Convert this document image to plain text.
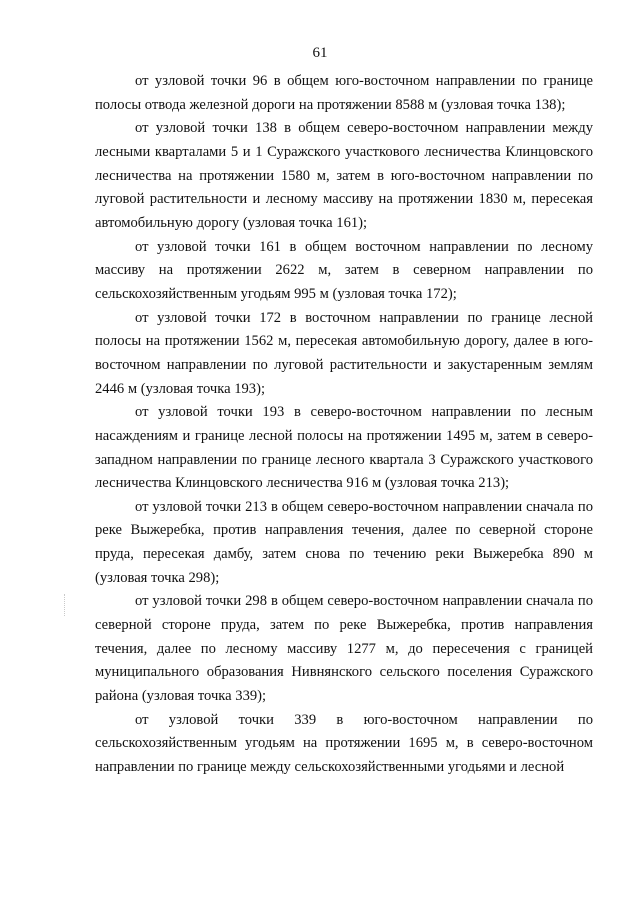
61

от узловой точки 96 в общем юго-восточном направлении по границе полосы отвода железной дороги на протяжении 8588 м (узловая точка 138);

от узловой точки 138 в общем северо-восточном направлении между лесными кварталами 5 и 1 Суражского участкового лесничества Клинцовского лесничества на протяжении 1580 м, затем в юго-восточном направлении по луговой растительности и лесному массиву на протяжении 1830 м, пересекая автомобильную дорогу (узловая точка 161);

от узловой точки 161 в общем восточном направлении по лесному массиву на протяжении 2622 м, затем в северном направлении по сельскохозяйственным угодьям 995 м (узловая точка 172);

от узловой точки 172 в восточном направлении по границе лесной полосы на протяжении 1562 м, пересекая автомобильную дорогу, далее в юго-восточном направлении по луговой растительности и закустаренным землям 2446 м (узловая точка 193);

от узловой точки 193 в северо-восточном направлении по лесным насаждениям и границе лесной полосы на протяжении 1495 м, затем в северо-западном направлении по границе лесного квартала 3 Суражского участкового лесничества Клинцовского лесничества 916 м (узловая точка 213);

от узловой точки 213 в общем северо-восточном направлении сначала по реке Выжеребка, против направления течения, далее по северной стороне пруда, пересекая дамбу, затем снова по течению реки Выжеребка 890 м (узловая точка 298);

от узловой точки 298 в общем северо-восточном направлении сначала по северной стороне пруда, затем по реке Выжеребка, против направления течения, далее по лесному массиву 1277 м, до пересечения с границей муниципального образования Нивнянского сельского поселения Суражского района (узловая точка 339);

от узловой точки 339 в юго-восточном направлении по сельскохозяйственным угодьям на протяжении 1695 м, в северо-восточном направлении по границе между сельскохозяйственными угодьями и лесной
